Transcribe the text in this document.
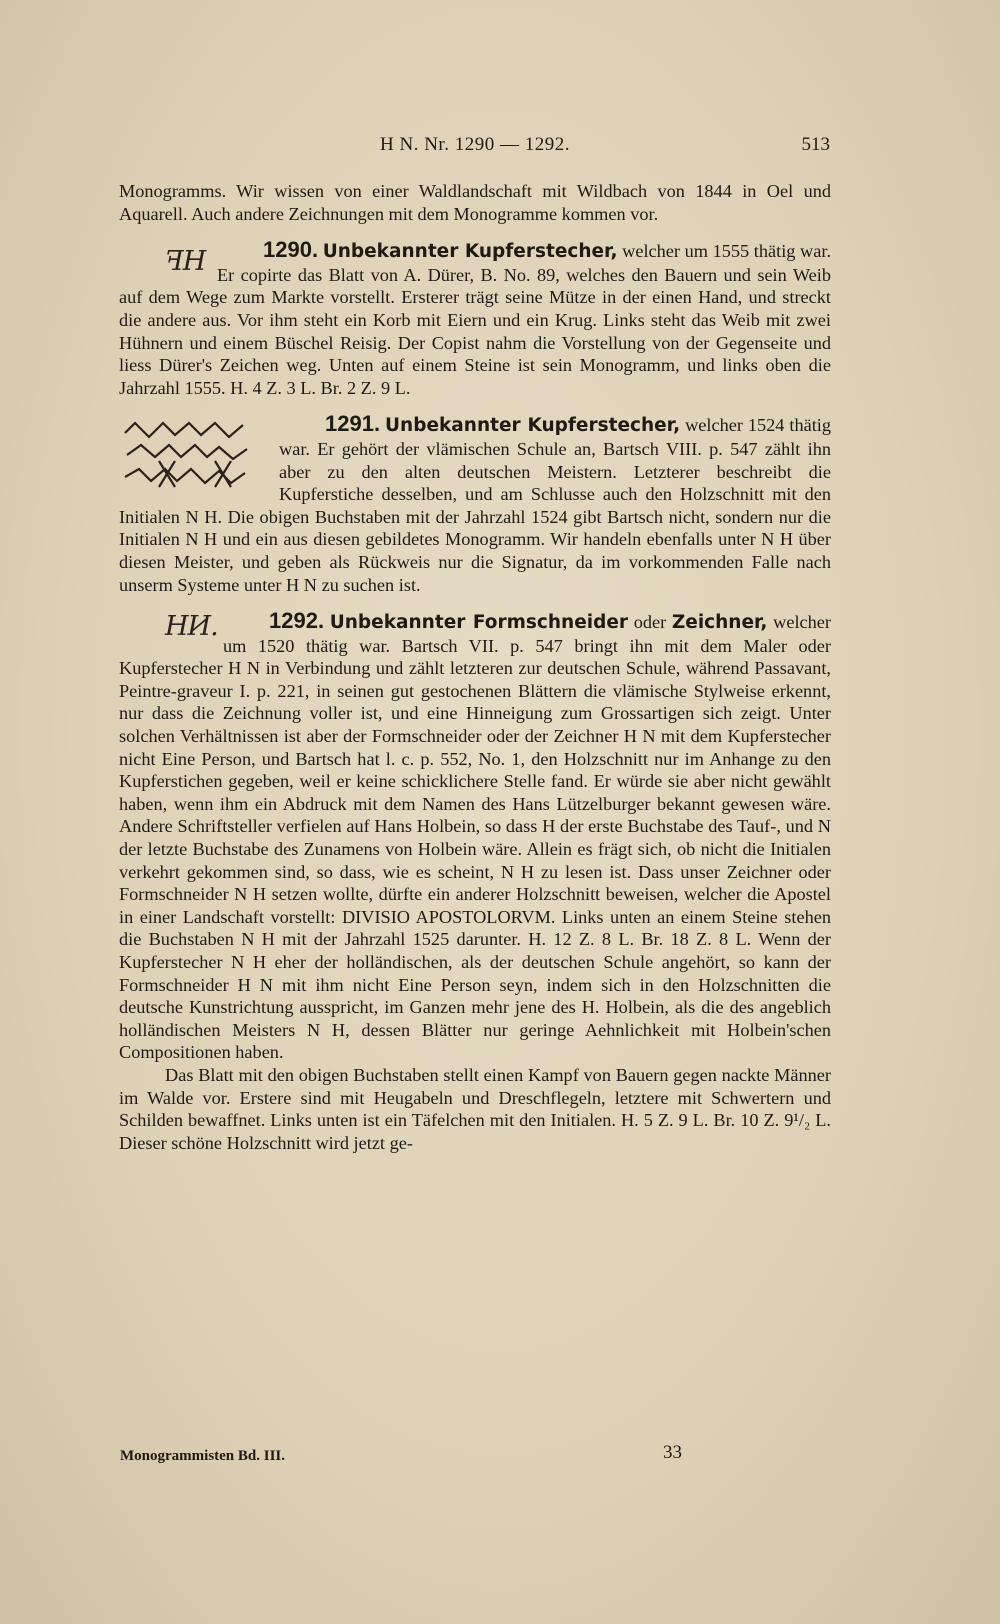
H N. Nr. 1290 — 1292.	513

Monogramms. Wir wissen von einer Waldlandschaft mit Wildbach von 1844 in Oel und Aquarell. Auch andere Zeichnungen mit dem Monogramme kommen vor.

1290. Unbekannter Kupferstecher,
ꟻH	welcher um 1555 thätig war. Er copirte das Blatt von A. Dürer, B. No. 89, welches den Bauern und sein Weib auf dem Wege zum Markte vorstellt. Ersterer trägt seine Mütze in der einen Hand, und streckt die andere aus. Vor ihm steht ein Korb mit Eiern und ein Krug. Links steht das Weib mit zwei Hühnern und einem Büschel Reisig. Der Copist nahm die Vorstellung von der Gegenseite und liess Dürer's Zeichen weg. Unten auf einem Steine ist sein Monogramm, und links oben die Jahrzahl 1555. H. 4 Z. 3 L. Br. 2 Z. 9 L.

1291. Unbekannter Kupferstecher, welcher 1524 thätig war. Er gehört der vlämischen Schule an, Bartsch VIII. p. 547 zählt ihn aber zu den alten deutschen Meistern. Letzterer beschreibt die Kupferstiche desselben, und am Schlusse auch den Holzschnitt mit den Initialen N H. Die obigen Buchstaben mit der Jahrzahl 1524 gibt Bartsch nicht, sondern nur die Initialen N H und ein aus diesen gebildetes Monogramm. Wir handeln ebenfalls unter N H über diesen Meister, und geben als Rückweis nur die Signatur, da im vorkommenden Falle nach unserm Systeme unter H N zu suchen ist.

1292. Unbekannter Formschneider oder Zeichner,
HИ.	welcher um 1520 thätig war. Bartsch VII. p. 547 bringt ihn mit dem Maler oder Kupferstecher H N in Verbindung und zählt letzteren zur deutschen Schule, während Passavant, Peintre-graveur I. p. 221, in seinen gut gestochenen Blättern die vlämische Stylweise erkennt, nur dass die Zeichnung voller ist, und eine Hinneigung zum Grossartigen sich zeigt. Unter solchen Verhältnissen ist aber der Formschneider oder der Zeichner H N mit dem Kupferstecher nicht Eine Person, und Bartsch hat l. c. p. 552, No. 1, den Holzschnitt nur im Anhange zu den Kupferstichen gegeben, weil er keine schicklichere Stelle fand. Er würde sie aber nicht gewählt haben, wenn ihm ein Abdruck mit dem Namen des Hans Lützelburger bekannt gewesen wäre. Andere Schriftsteller verfielen auf Hans Holbein, so dass H der erste Buchstabe des Tauf-, und N der letzte Buchstabe des Zunamens von Holbein wäre. Allein es frägt sich, ob nicht die Initialen verkehrt gekommen sind, so dass, wie es scheint, N H zu lesen ist. Dass unser Zeichner oder Formschneider N H setzen wollte, dürfte ein anderer Holzschnitt beweisen, welcher die Apostel in einer Landschaft vorstellt: DIVISIO APOSTOLORVM. Links unten an einem Steine stehen die Buchstaben N H mit der Jahrzahl 1525 darunter. H. 12 Z. 8 L. Br. 18 Z. 8 L. Wenn der Kupferstecher N H eher der holländischen, als der deutschen Schule angehört, so kann der Formschneider H N mit ihm nicht Eine Person seyn, indem sich in den Holzschnitten die deutsche Kunstrichtung ausspricht, im Ganzen mehr jene des H. Holbein, als die des angeblich holländischen Meisters N H, dessen Blätter nur geringe Aehnlichkeit mit Holbein'schen Compositionen haben.

Das Blatt mit den obigen Buchstaben stellt einen Kampf von Bauern gegen nackte Männer im Walde vor. Erstere sind mit Heugabeln und Dreschflegeln, letztere mit Schwertern und Schilden bewaffnet. Links unten ist ein Täfelchen mit den Initialen. H. 5 Z. 9 L. Br. 10 Z. 9¹/₂ L. Dieser schöne Holzschnitt wird jetzt ge-

Monogrammisten Bd. III.	33
